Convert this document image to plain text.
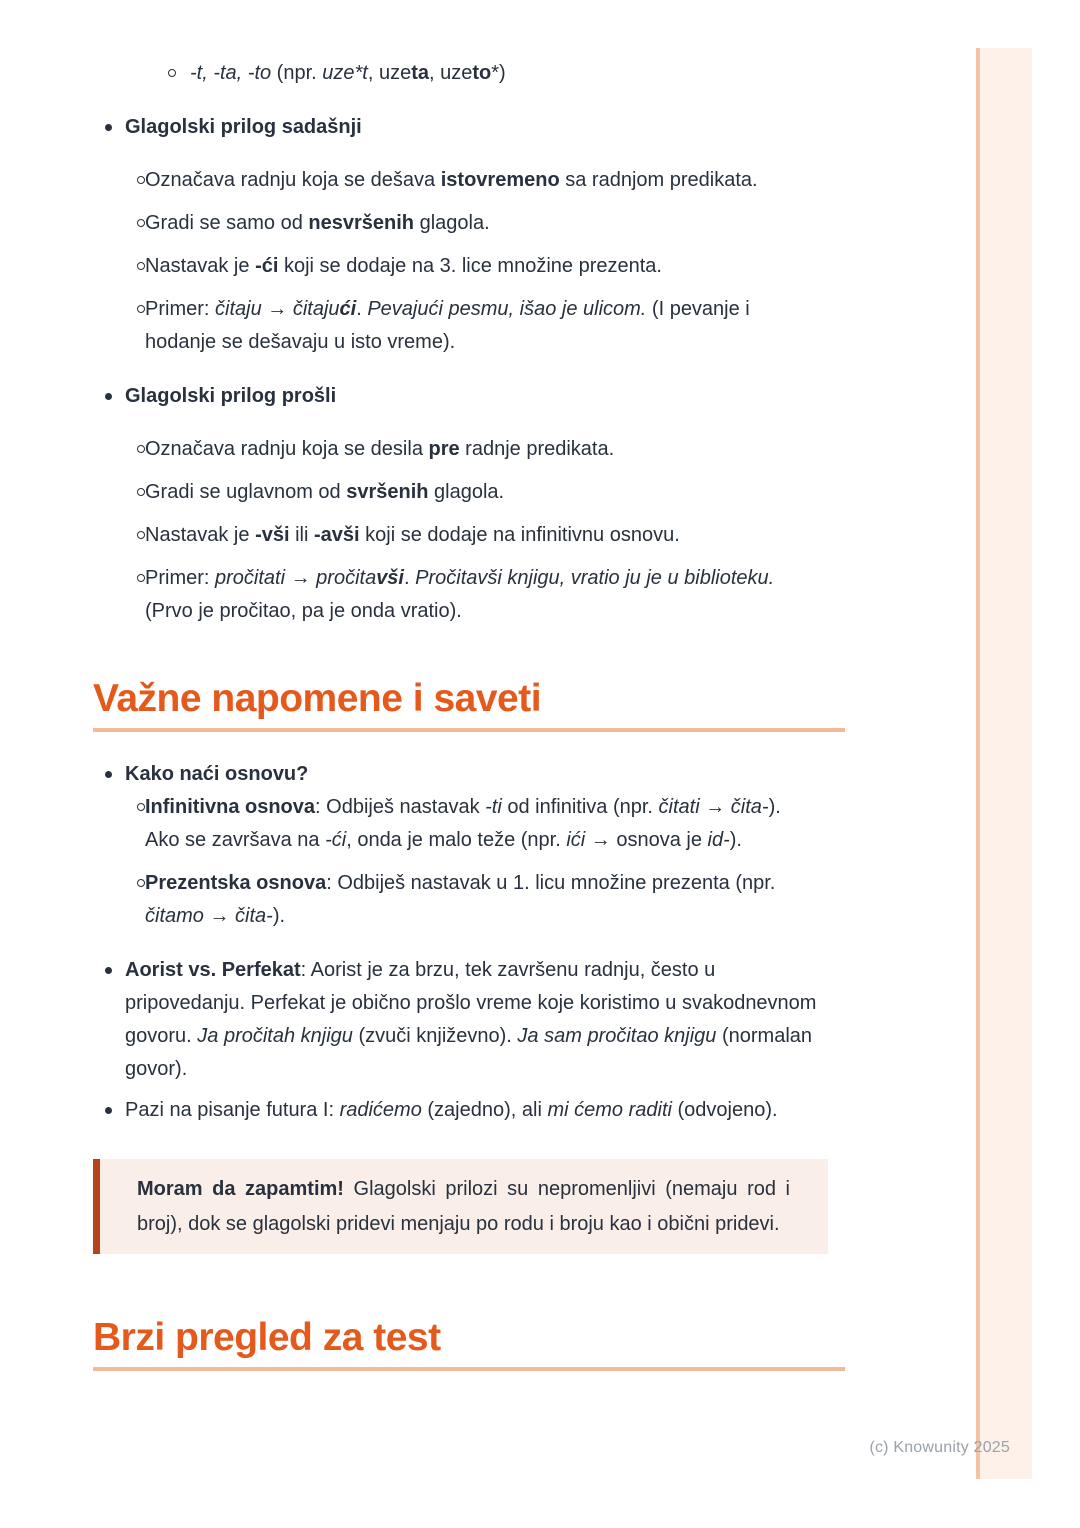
(c) Knowunity 2025
-t, -ta, -to (npr. uze*t, uzeta, uzeto*)
Glagolski prilog sadašnji
Označava radnju koja se dešava istovremeno sa radnjom predikata.
Gradi se samo od nesvršenih glagola.
Nastavak je -ći koji se dodaje na 3. lice množine prezenta.
Primer: čitaju → čitajući. Pevajući pesmu, išao je ulicom. (I pevanje i hodanje se dešavaju u isto vreme).
Glagolski prilog prošli
Označava radnju koja se desila pre radnje predikata.
Gradi se uglavnom od svršenih glagola.
Nastavak je -vši ili -avši koji se dodaje na infinitivnu osnovu.
Primer: pročitati → pročitavši. Pročitavši knjigu, vratio ju je u biblioteku. (Prvo je pročitao, pa je onda vratio).
Važne napomene i saveti
Kako naći osnovu?
Infinitivna osnova: Odbiješ nastavak -ti od infinitiva (npr. čitati → čita-). Ako se završava na -ći, onda je malo teže (npr. ići → osnova je id-).
Prezentska osnova: Odbiješ nastavak u 1. licu množine prezenta (npr. čitamo → čita-).
Aorist vs. Perfekat: Aorist je za brzu, tek završenu radnju, često u pripovedanju. Perfekat je obično prošlo vreme koje koristimo u svakodnevnom govoru. Ja pročitah knjigu (zvuči književno). Ja sam pročitao knjigu (normalan govor).
Pazi na pisanje futura I: radićemo (zajedno), ali mi ćemo raditi (odvojeno).
Moram da zapamtim! Glagolski prilozi su nepromenljivi (nemaju rod i broj), dok se glagolski pridevi menjaju po rodu i broju kao i obični pridevi.
Brzi pregled za test
